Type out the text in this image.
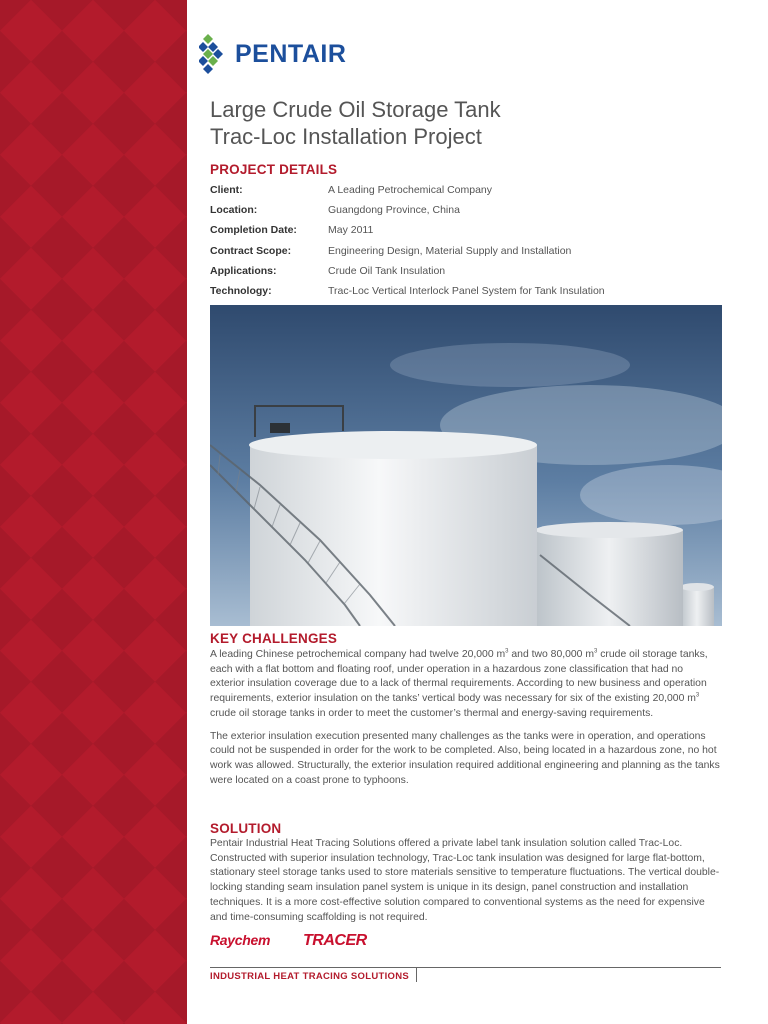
PENTAIR
Large Crude Oil Storage Tank
Trac-Loc Installation Project
PROJECT DETAILS
Client:	A Leading Petrochemical Company
Location:	Guangdong Province, China
Completion Date:	May 2011
Contract Scope:	Engineering Design, Material Supply and Installation
Applications:	Crude Oil Tank Insulation
Technology:	Trac-Loc Vertical Interlock Panel System for Tank Insulation
KEY CHALLENGES

A leading Chinese petrochemical company had twelve 20,000 $m^3$ and two 80,000 $m^3$ crude oil storage tanks, each with a flat bottom and floating roof, under operation in a hazardous zone classification that had no exterior insulation coverage due to a lack of thermal requirements. According to new business and operation requirements, exterior insulation on the tanks’ vertical body was necessary for six of the existing 20,000 $m^3$ crude oil storage tanks in order to meet the customer’s thermal and energy-saving requirements.

The exterior insulation execution presented many challenges as the tanks were in operation, and operations could not be suspended in order for the work to be completed. Also, being located in a hazardous zone, no hot work was allowed. Structurally, the exterior insulation required additional engineering and planning as the tanks were located on a coast prone to typhoons.

SOLUTION

Pentair Industrial Heat Tracing Solutions offered a private label tank insulation solution called Trac-Loc. Constructed with superior insulation technology, Trac-Loc tank insulation was designed for large flat-bottom, stationary steel storage tanks used to store materials sensitive to temperature fluctuations. The vertical double-locking standing seam insulation panel system is unique in its design, panel construction and installation techniques. It is a more cost-effective solution compared to conventional systems as the need for expensive and time-consuming scaffolding is not required.

Raychem TRACER
INDUSTRIAL HEAT TRACING SOLUTIONS
